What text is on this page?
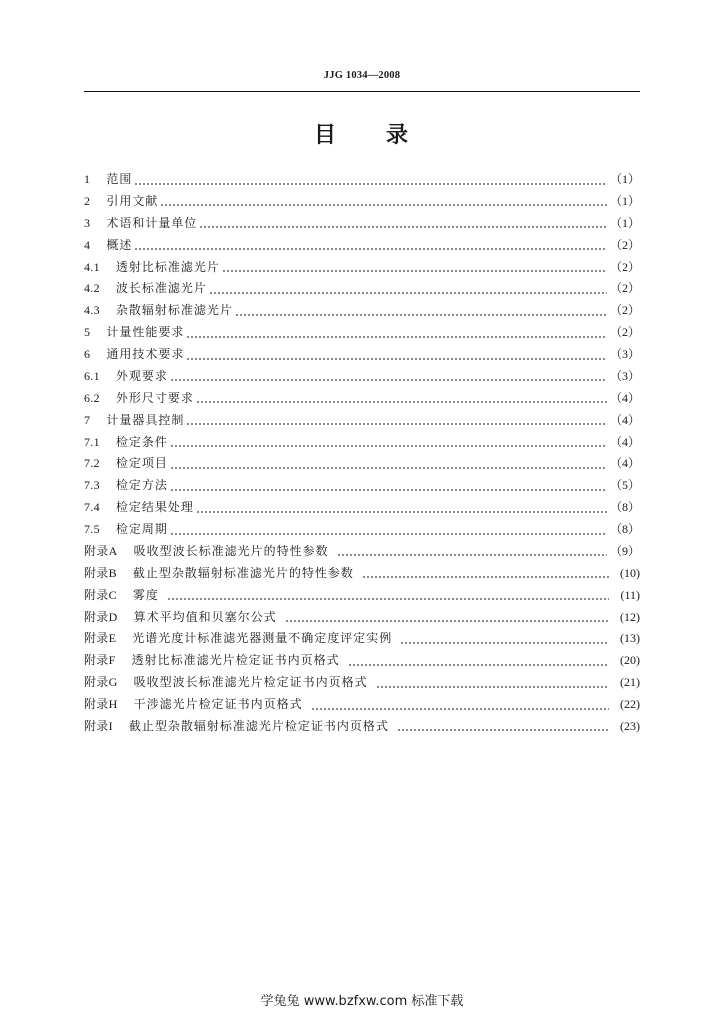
JJG 1034—2008
目　　录
1 范围	（1）
2 引用文献	（1）
3 术语和计量单位	（1）
4 概述	（2）
4.1 透射比标准滤光片	（2）
4.2 波长标准滤光片	（2）
4.3 杂散辐射标准滤光片	（2）
5 计量性能要求	（2）
6 通用技术要求	（3）
6.1 外观要求	（3）
6.2 外形尺寸要求	（4）
7 计量器具控制	（4）
7.1 检定条件	（4）
7.2 检定项目	（4）
7.3 检定方法	（5）
7.4 检定结果处理	（8）
7.5 检定周期	（8）
附录A 吸收型波长标准滤光片的特性参数	（9）
附录B 截止型杂散辐射标准滤光片的特性参数	(10)
附录C 雾度	(11)
附录D 算术平均值和贝塞尔公式	(12)
附录E 光谱光度计标准滤光器测量不确定度评定实例	(13)
附录F 透射比标准滤光片检定证书内页格式	(20)
附录G 吸收型波长标准滤光片检定证书内页格式	(21)
附录H 干涉滤光片检定证书内页格式	(22)
附录I 截止型杂散辐射标准滤光片检定证书内页格式	(23)
学兔兔 www.bzfxw.com 标准下载
